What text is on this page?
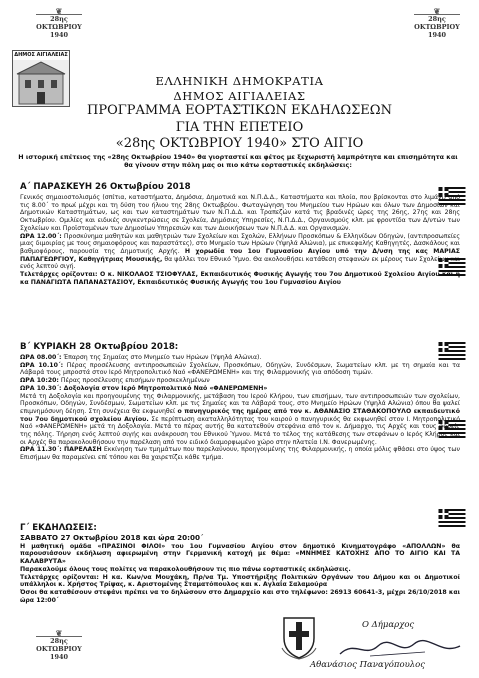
❦
28ης
ΟΚΤΩΒΡΙΟΥ
1940
❦
28ης
ΟΚΤΩΒΡΙΟΥ
1940
❦
28ης
ΟΚΤΩΒΡΙΟΥ
1940
ΔΗΜΟΣ ΑΙΓΙΑΛΕΙΑΣ
ΕΛΛΗΝΙΚΗ ΔΗΜΟΚΡΑΤΙΑ
ΔΗΜΟΣ ΑΙΓΙΑΛΕΙΑΣ
ΠΡΟΓΡΑΜΜΑ ΕΟΡΤΑΣΤΙΚΩΝ ΕΚΔΗΛΩΣΕΩΝ
ΓΙΑ ΤΗΝ ΕΠΕΤΕΙΟ
«28ης ΟΚΤΩΒΡΙΟΥ 1940» ΣΤΟ ΑΙΓΙΟ
Η ιστορική επέτειος της «28ης Οκτωβρίου 1940» θα γιορταστεί και φέτος με ξεχωριστή λαμπρότητα και επισημότητα και θα γίνουν στην πόλη μας οι πιο κάτω εορταστικές εκδηλώσεις:
Α΄ ΠΑΡΑΣΚΕΥΗ 26 Οκτωβρίου 2018
Γενικός σημαιοστολισμός (σπίτια, καταστήματα, Δημόσια, Δημοτικά και Ν.Π.Δ.Δ., Καταστήματα και πλοία, που βρίσκονται στο λιμάνι) από τις 8.00΄ το πρωί μέχρι και τη δύση του ήλιου της 28ης Οκτωβρίου. Φωταγώγηση του Μνημείου των Ηρώων και όλων των Δημοσίων και Δημοτικών Καταστημάτων, ως και των καταστημάτων των Ν.Π.Δ.Δ. και Τραπεζών κατά τις βραδινές ώρες της 26ης, 27ης και 28ης Οκτωβρίου. Ομιλίες και ειδικές συγκεντρώσεις σε Σχολεία, Δημόσιες Υπηρεσίες, Ν.Π.Δ.Δ., Οργανισμούς κλπ. με φροντίδα των Δ/ντών των Σχολείων και Προϊσταμένων των Δημοσίων Υπηρεσιών και των Διοικήσεων των Ν.Π.Δ.Δ. και Οργανισμών.
ΩΡΑ 12.00΄: Προσκύνημα μαθητών και μαθητριών των Σχολείων και Σχολών, Ελλήνων Προσκόπων & Ελληνίδων Οδηγών, (αντιπροσωπείες μιας διμοιρίας με τους σημαιοφόρους και παραστάτες), στο Μνημείο των Ηρώων (Υψηλά Αλώνια), με επικεφαλής Καθηγητές, Δασκάλους και βαθμοφόρους, παρουσία της Δημοτικής Αρχής. Η χορωδία του 1ου Γυμνασίου Αιγίου υπό την Δ/νση της κας ΜΑΡΙΑΣ ΠΑΠΑΓΕΩΡΓΙΟΥ, Καθηγήτριας Μουσικής, θα ψάλλει τον Εθνικό Ύμνο. Θα ακολουθήσει κατάθεση στεφανών εκ μέρους των Σχολείων και ενός λεπτού σιγή.
Τελετάρχες ορίζονται: Ο κ. ΝΙΚΟΛΑΟΣ ΤΣΙΟΦΥΛΑΣ, Εκπαιδευτικός Φυσικής Αγωγής του 7ου Δημοτικού Σχολείου Αιγίου και η κα ΠΑΝΑΓΙΩΤΑ ΠΑΠΑΝΑΣΤΑΣΙΟΥ, Εκπαιδευτικός Φυσικής Αγωγής του 1ου Γυμνασίου Αιγίου
Β΄ ΚΥΡΙΑΚΗ 28 Οκτωβρίου 2018:
ΩΡΑ 08.00΄: Έπαρση της Σημαίας στο Μνημείο των Ηρώων (Υψηλά Αλώνια).
ΩΡΑ 10.10΄: Πέρας προσέλευσης αντιπροσωπειών Σχολείων, Προσκόπων, Οδηγών, Συνδέσμων, Σωματείων κλπ. με τη σημαία και τα Λάβαρά τους μπροστά στον Ιερό Μητροπολιτικό Ναό «ΦΑΝΕΡΩΜΕΝΗ» και της Φιλαρμονικής για απόδοση τιμών.
ΩΡΑ 10:20: Πέρας προσέλευσης επισήμων προσκεκλημένων
ΩΡΑ 10.30΄: Δοξολογία στον Ιερό Μητροπολιτικό Ναό «ΦΑΝΕΡΩΜΕΝΗ»
Μετά τη Δοξολογία και προηγουμένης της Φιλαρμονικής, μετάβαση του Ιερού Κλήρου, των επισήμων, των αντιπροσωπειών των σχολείων, Προσκόπων, Οδηγών, Συνδέσμων, Σωματείων κλπ. με τις Σημαίες και τα Λάβαρά τους, στο Μνημείο Ηρώων (Υψηλά Αλώνια) όπου θα ψαλεί επιμνημόσυνη δέηση. Στη συνέχεια θα εκφωνηθεί ο πανηγυρικός της ημέρας από τον κ. ΑΘΑΝΑΣΙΟ ΣΤΑΘΑΚΟΠΟΥΛΟ εκπαιδευτικό του 7ου δημοτικού σχολείου Αιγίου. Σε περίπτωση ακαταλληλότητας του καιρού ο πανηγυρικός θα εκφωνηθεί στον Ι. Μητροπολιτικό Ναό «ΦΑΝΕΡΩΜΕΝΗ» μετά τη Δοξολογία. Μετά το πέρας αυτής θα κατατεθούν στεφάνια από τον κ. Δήμαρχο, τις Αρχές και τους φορείς της πόλης. Τήρηση ενός λεπτού σιγής και ανάκρουση του Εθνικού Ύμνου. Μετά το τέλος της κατάθεσης των στεφάνων ο Ιερός Κλήρος και οι Αρχές θα παρακολουθήσουν την παρέλαση από τον ειδικό διαμορφωμένο χώρο στην πλατεία Ι.Ν. Φανερωμένης.
ΩΡΑ 11.30΄: ΠΑΡΕΛΑΣΗ Εκκίνηση των τμημάτων που παρελαύνουν, προηγουμένης της Φιλαρμονικής, η οποία μόλις φθάσει στο ύψος των Επισήμων θα παραμείνει επί τόπου και θα χαιρετίζει κάθε τμήμα.
Γ΄ ΕΚΔΗΛΩΣΕΙΣ:
ΣΑΒΒΑΤΟ 27 Οκτωβρίου 2018 και ώρα 20:00΄
Η μαθητική ομάδα «ΠΡΑΣΙΝΟΙ ΦΙΛΟΙ» του 1ου Γυμνασίου Αιγίου στον δημοτικό Κινηματογράφο «ΑΠΟΛΛΩΝ» θα παρουσιάσουν εκδήλωση αφιερωμένη στην Γερμανική κατοχή με θέμα: «ΜΝΗΜΕΣ ΚΑΤΟΧΗΣ ΑΠΟ ΤΟ ΑΙΓΙΟ ΚΑΙ ΤΑ ΚΑΛΑΒΡΥΤΑ»
Παρακαλούμε όλους τους πολίτες να παρακολουθήσουν τις πιο πάνω εορταστικές εκδηλώσεις.
Τελετάρχες ορίζονται: Η κα. Κων/να Μουχάκη, Πρ/να Τμ. Υποστήριξης Πολιτικών Οργάνων του Δήμου και οι Δημοτικοί υπάλληλοι κ. Χρήστος Τρίψας, κ. Αριστομένης Σταματόπουλος και κ. Αγλαΐα Σαλαμούρα
Όσοι θα καταθέσουν στεφάνι πρέπει να το δηλώσουν στο Δημαρχείο και στο τηλέφωνο: 26913 60641-3, μέχρι 26/10/2018 και ώρα 12:00΄
Ο Δήμαρχος
Αθανάσιος Παναγόπουλος
